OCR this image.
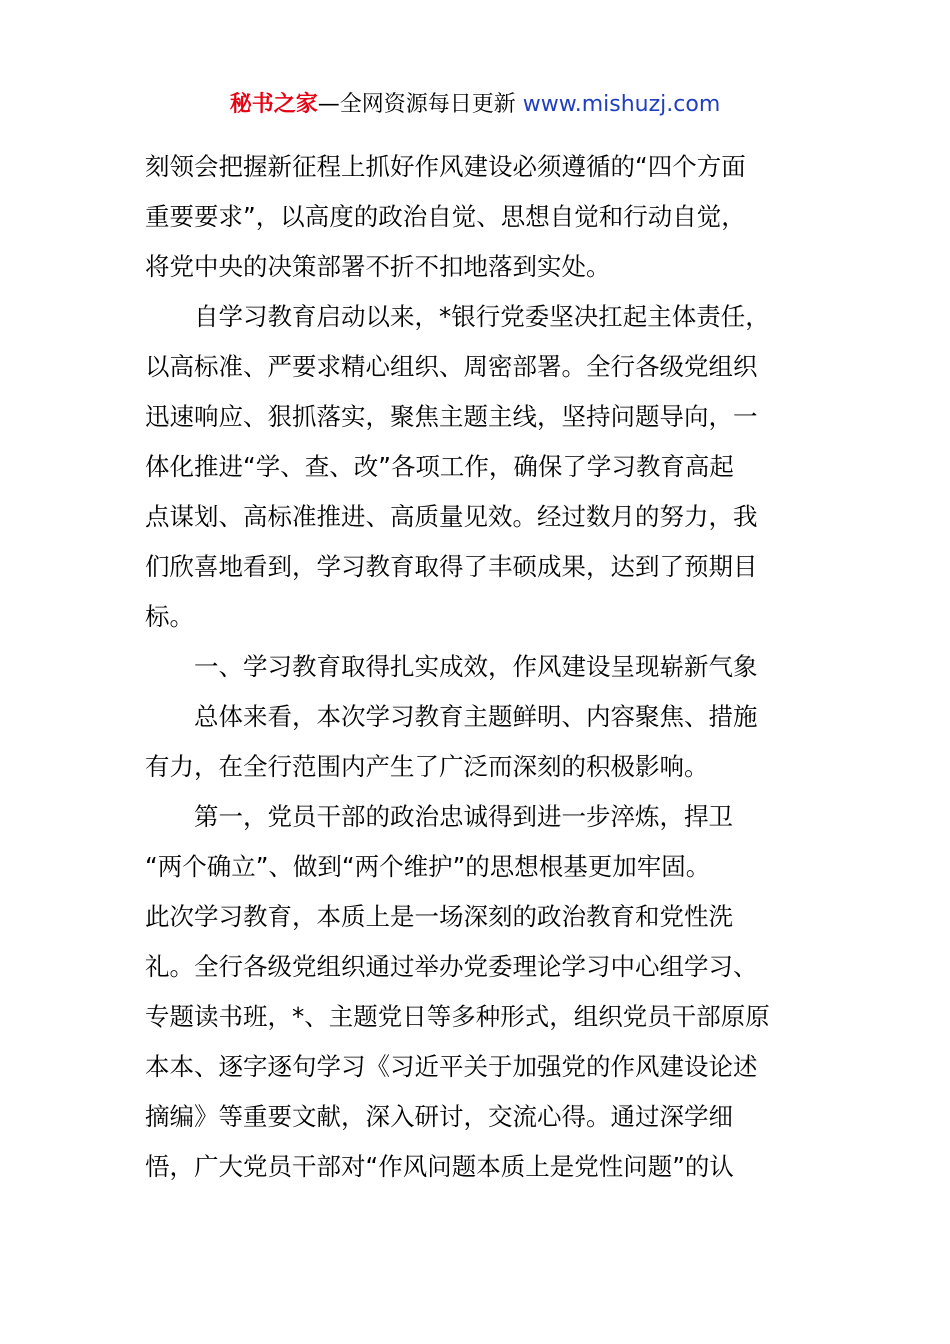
秘书之家—全网资源每日更新 www.mishuzj.com
刻领会把握新征程上抓好作风建设必须遵循的“四个方面
重要要求”，以高度的政治自觉、思想自觉和行动自觉，
将党中央的决策部署不折不扣地落到实处。
自学习教育启动以来，*银行党委坚决扛起主体责任，
以高标准、严要求精心组织、周密部署。全行各级党组织
迅速响应、狠抓落实，聚焦主题主线，坚持问题导向，一
体化推进“学、查、改”各项工作，确保了学习教育高起
点谋划、高标准推进、高质量见效。经过数月的努力，我
们欣喜地看到，学习教育取得了丰硕成果，达到了预期目
标。
一、学习教育取得扎实成效，作风建设呈现崭新气象
总体来看，本次学习教育主题鲜明、内容聚焦、措施
有力，在全行范围内产生了广泛而深刻的积极影响。
第一，党员干部的政治忠诚得到进一步淬炼，捍卫
“两个确立”、做到“两个维护”的思想根基更加牢固。
此次学习教育，本质上是一场深刻的政治教育和党性洗
礼。全行各级党组织通过举办党委理论学习中心组学习、
专题读书班，*、主题党日等多种形式，组织党员干部原原
本本、逐字逐句学习《习近平关于加强党的作风建设论述
摘编》等重要文献，深入研讨，交流心得。通过深学细
悟，广大党员干部对“作风问题本质上是党性问题”的认
